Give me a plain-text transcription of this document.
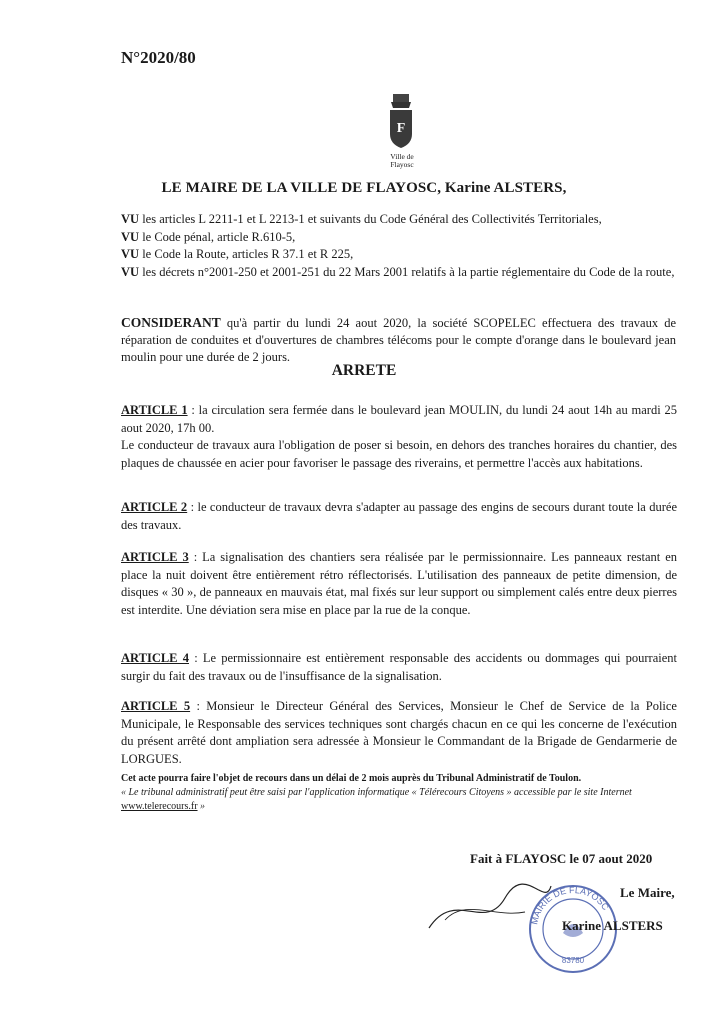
N°2020/80
F
Ville de Flayosc
LE MAIRE DE LA VILLE DE FLAYOSC, Karine ALSTERS,

VU les articles L 2211-1 et L 2213-1 et suivants du Code Général des Collectivités Territoriales,

VU le Code pénal, article R.610-5,

VU le Code la Route, articles R 37.1 et R 225,

VU les décrets n°2001-250 et 2001-251 du 22 Mars 2001 relatifs à la partie réglementaire du Code de la route,

CONSIDERANT qu'à partir du lundi 24 aout 2020, la société SCOPELEC effectuera des travaux de réparation de conduites et d'ouvertures de chambres télécoms pour le compte d'orange dans le boulevard jean moulin pour une durée de 2 jours.
ARRETE

ARTICLE 1 : la circulation sera fermée dans le boulevard jean MOULIN, du lundi 24 aout 14h au mardi 25 aout 2020, 17h 00.
Le conducteur de travaux aura l'obligation de poser si besoin, en dehors des tranches horaires du chantier, des plaques de chaussée en acier pour favoriser le passage des riverains, et permettre l'accès aux habitations.

ARTICLE 2 : le conducteur de travaux devra s'adapter au passage des engins de secours durant toute la durée des travaux.

ARTICLE 3 : La signalisation des chantiers sera réalisée par le permissionnaire. Les panneaux restant en place la nuit doivent être entièrement rétro réflectorisés. L'utilisation des panneaux de petite dimension, de disques « 30 », de panneaux en mauvais état, mal fixés sur leur support ou simplement calés entre deux pierres est interdite. Une déviation sera mise en place par la rue de la conque.

ARTICLE 4 : Le permissionnaire est entièrement responsable des accidents ou dommages qui pourraient surgir du fait des travaux ou de l'insuffisance de la signalisation.

ARTICLE 5 : Monsieur le Directeur Général des Services, Monsieur le Chef de Service de la Police Municipale, le Responsable des services techniques sont chargés chacun en ce qui les concerne de l'exécution du présent arrêté dont ampliation sera adressée à Monsieur le Commandant de la Brigade de Gendarmerie de LORGUES.

Cet acte pourra faire l'objet de recours dans un délai de 2 mois auprès du Tribunal Administratif de Toulon.
« Le tribunal administratif peut être saisi par l'application informatique « Télérecours Citoyens » accessible par le site Internet www.telerecours.fr »
Fait à FLAYOSC le 07 aout 2020
MAIRIE DE FLAYOSC
83780
Le Maire,
Karine ALSTERS
